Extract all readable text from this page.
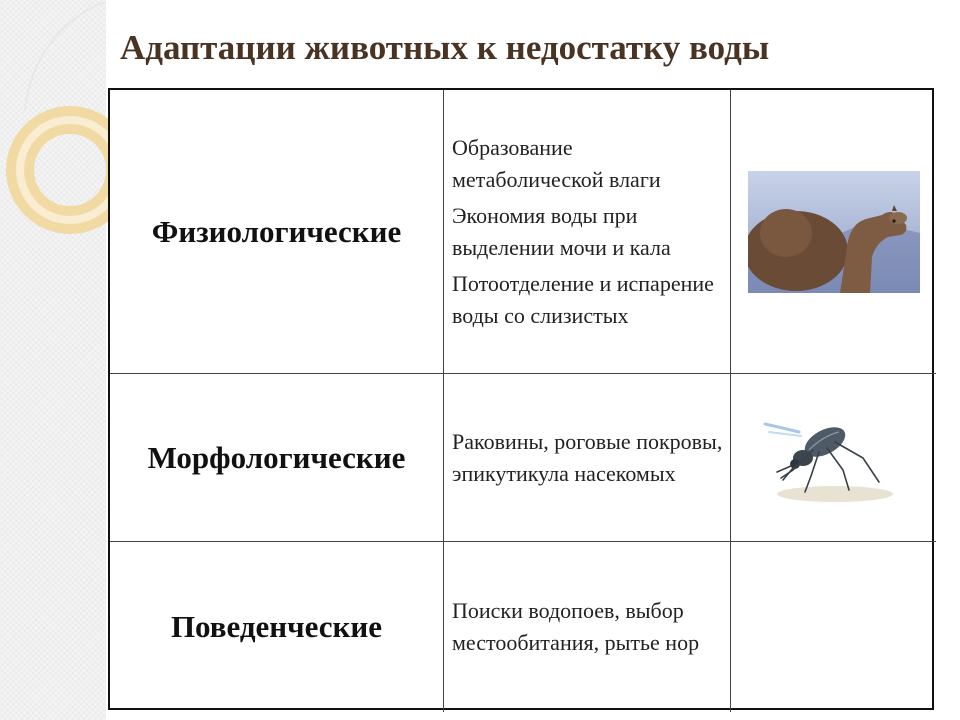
Адаптации животных к недостатку воды
Физиологические
Образование метаболической влаги
Экономия воды при выделении мочи и кала
Потоотделение и испарение воды со слизистых
Морфологические Раковины, роговые покровы, эпикутикула насекомых
Поведенческие	Поиски водопоев, выбор местообитания, рытье нор
